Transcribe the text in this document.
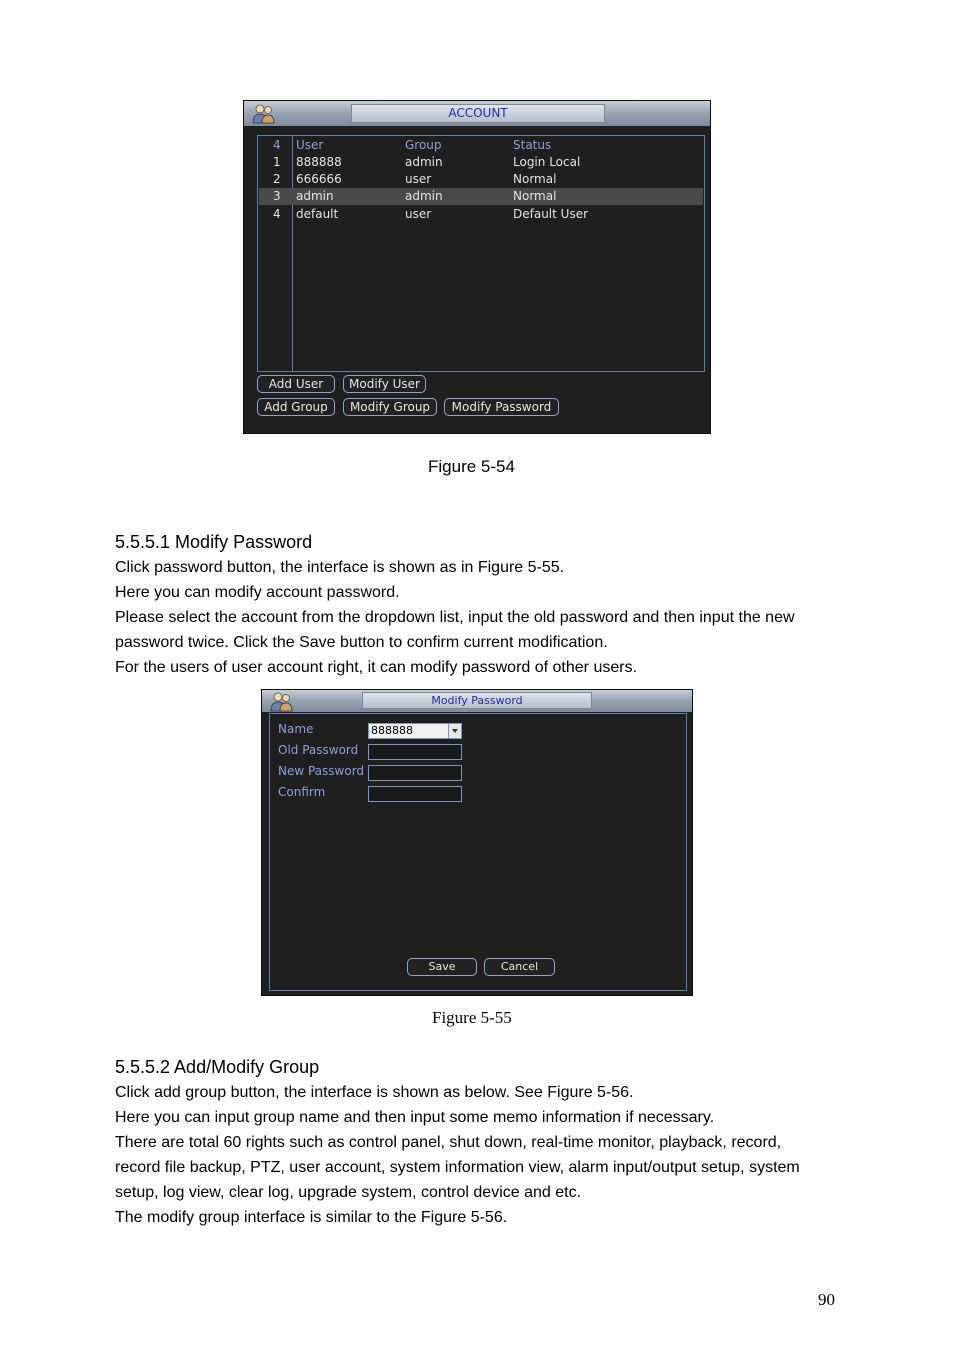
ACCOUNT
4 User	Group	Status
1 888888	admin	Login Local
2 666666	user	Normal
3 admin	admin	Normal
4 default	user	Default User
Add User	Modify User
Add Group	Modify Group	Modify Password
Figure 5-54
5.5.5.1 Modify Password
Click password button, the interface is shown as in Figure 5-55.
Here you can modify account password.
Please select the account from the dropdown list, input the old password and then input the new
password twice. Click the Save button to confirm current modification.
For the users of user account right, it can modify password of other users.
Modify Password
Name	888888
Old Password
New Password
Confirm
Save	Cancel
Figure 5-55
5.5.5.2 Add/Modify Group
Click add group button, the interface is shown as below. See Figure 5-56.
Here you can input group name and then input some memo information if necessary.
There are total 60 rights such as control panel, shut down, real-time monitor, playback, record,
record file backup, PTZ, user account, system information view, alarm input/output setup, system
setup, log view, clear log, upgrade system, control device and etc.
The modify group interface is similar to the Figure 5-56.
90
